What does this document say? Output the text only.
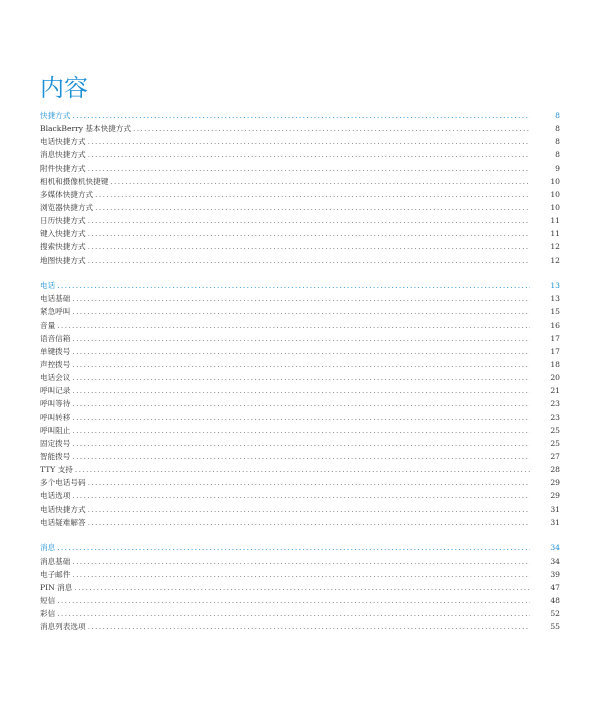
内容
快捷方式 .....	8
BlackBerry 基本快捷方式 .....	8
电话快捷方式 .....	8
消息快捷方式 .....	8
附件快捷方式 .....	9
相机和摄像机快捷键 .....	10
多媒体快捷方式 .....	10
浏览器快捷方式 .....	10
日历快捷方式 .....	11
键入快捷方式 .....	11
搜索快捷方式 .....	12
地图快捷方式 .....	12
电话 .....	13
电话基础 .....	13
紧急呼叫 .....	15
音量 .....	16
语音信箱 .....	17
单键拨号 .....	17
声控拨号 .....	18
电话会议 .....	20
呼叫记录 .....	21
呼叫等待 .....	23
呼叫转移 .....	23
呼叫阻止 .....	25
固定拨号 .....	25
智能拨号 .....	27
TTY 支持 .....	28
多个电话号码 .....	29
电话选项 .....	29
电话快捷方式 .....	31
电话疑难解答 .....	31
消息 .....	34
消息基础 .....	34
电子邮件 .....	39
PIN 消息 .....	47
短信 .....	48
彩信 .....	52
消息列表选项 .....	55
